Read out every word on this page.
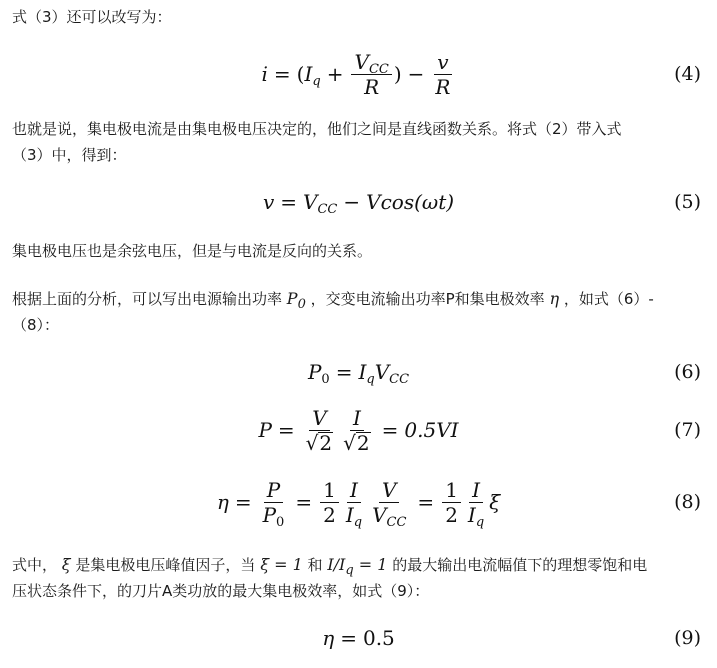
式（3）还可以改写为：
i = ( $I_q + \frac{V_{CC}}{R}$ ) − $\frac{v}{R}$	(4)
也就是说，集电极电流是由集电极电压决定的，他们之间是直线函数关系。将式（2）带入式
（3）中，得到：
$v = V_{CC} - Vcos(\omega t)$	(5)
集电极电压也是余弦电压，但是与电流是反向的关系。
根据上面的分析，可以写出电源输出功率 $P_0$ ，交变电流输出功率P和集电极效率 η ，如式（6）-
（8）：
$P_0 = I_q$ $V_{CC}$	(6)
$P = \frac{V}{√ 2} \frac{I}{√ 2} = 0.5VI$	(7)
$\eta = \frac{P}{P_0} = \frac{1}{2} \frac{I}{I_q} \frac{V}{V_{CC}} = \frac{1}{2} \frac{I}{I_q}$ ξ	(8)
式中， ξ 是集电极电压峰值因子，当 ξ = 1 和 $I/I_q = 1$ 的最大输出电流幅值下的理想零饱和电
压状态条件下，的刀片A类功放的最大集电极效率，如式（9）：
η = 0.5	(9)
